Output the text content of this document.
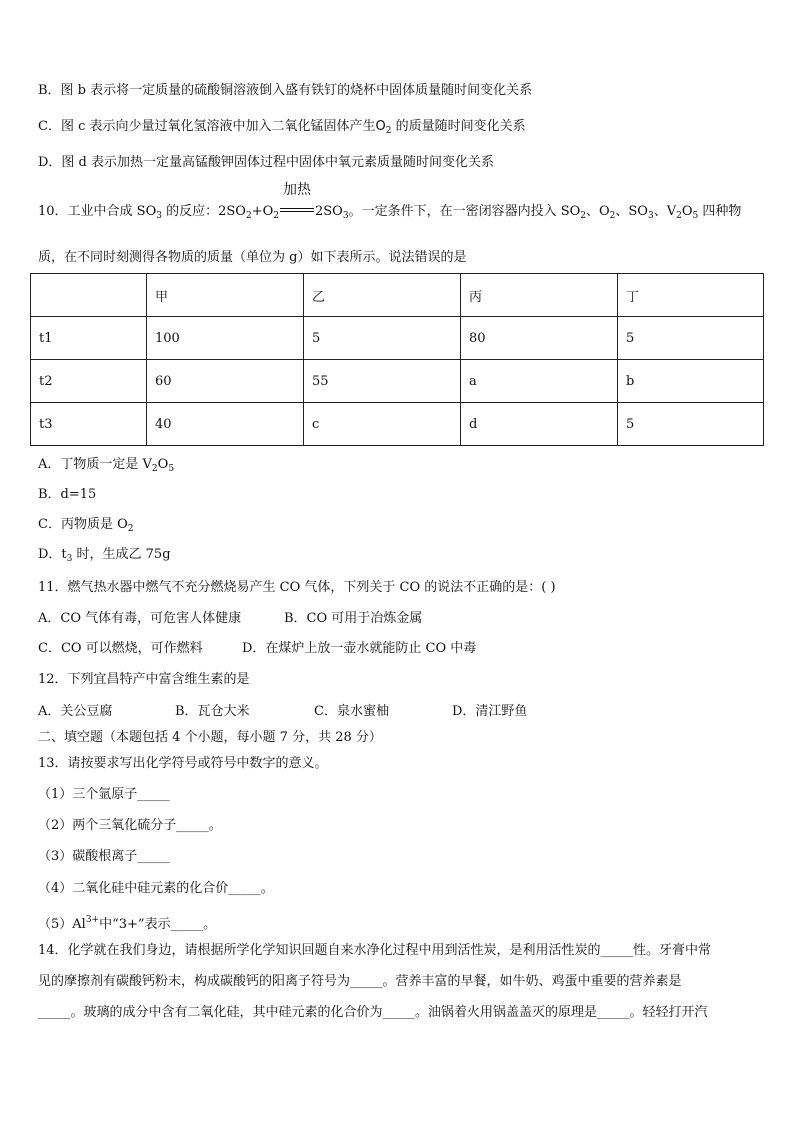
B．图 b 表示将一定质量的硫酸铜溶液倒入盛有铁钉的烧杯中固体质量随时间变化关系
C．图 c 表示向少量过氧化氢溶液中加入二氧化锰固体产生$O_2$ 的质量随时间变化关系
D．图 d 表示加热一定量高锰酸钾固体过程中固体中氧元素质量随时间变化关系
10．工业中合成 $SO_3$ 的反应：$2SO_2+O_2$
加热
$2SO_3$。一定条件下，在一密闭容器内投入 $SO_2$、$O_2$、$SO_3$、$V_2O_5$ 四种物
质，在不同时刻测得各物质的质量（单位为 g）如下表所示。说法错误的是
	甲	乙	丙	丁
t1	100	5	80	5
t2	60	55	a	b
t3	40	c	d	5
A．丁物质一定是 $V_2O_5$
B．d=15
C．丙物质是 $O_2$
D．$t_3$ 时，生成乙 75g
11．燃气热水器中燃气不充分燃烧易产生 CO 气体，下列关于 CO 的说法不正确的是：( )
A．CO 气体有毒，可危害人体健康	B．CO 可用于冶炼金属
C．CO 可以燃烧，可作燃料	D．在煤炉上放一壶水就能防止 CO 中毒
12．下列宜昌特产中富含维生素的是
A．关公豆腐	B．瓦仓大米	C．泉水蜜柚	D．清江野鱼
二、填空题（本题包括 4 个小题，每小题 7 分，共 28 分）
13．请按要求写出化学符号或符号中数字的意义。
（1）三个氩原子_____
（2）两个三氧化硫分子_____。
（3）碳酸根离子_____
（4）二氧化硅中硅元素的化合价_____。
$(5)Al^{3+}$中“3+”表示_____。
14．化学就在我们身边，请根据所学化学知识回题自来水净化过程中用到活性炭，是利用活性炭的_____性。牙膏中常
见的摩擦剂有碳酸钙粉末，构成碳酸钙的阳离子符号为_____。营养丰富的早餐，如牛奶、鸡蛋中重要的营养素是
_____。玻璃的成分中含有二氧化硅，其中硅元素的化合价为_____。油锅着火用锅盖盖灭的原理是_____。轻轻打开汽
